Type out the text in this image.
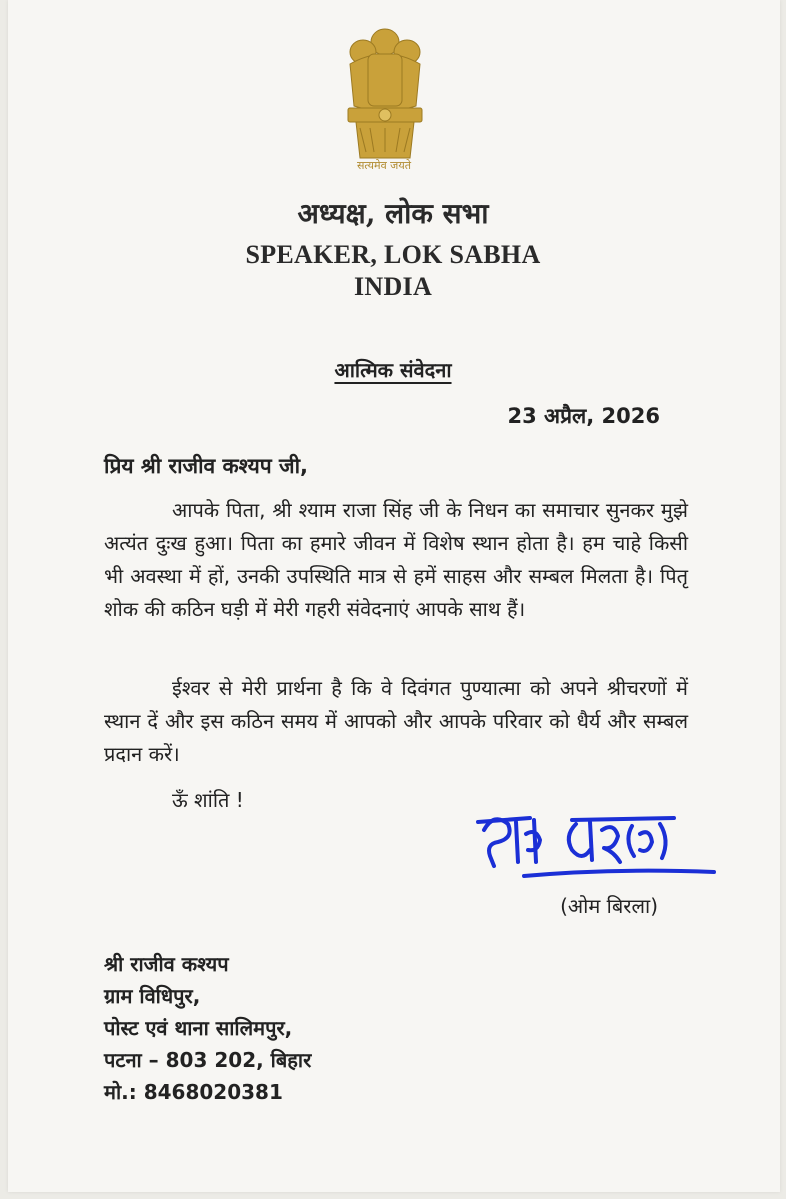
सत्यमेव जयते
अध्यक्ष, लोक सभा
SPEAKER, LOK SABHA
INDIA
आत्मिक संवेदना
23 अप्रैल, 2026
प्रिय श्री राजीव कश्यप जी,
आपके पिता, श्री श्याम राजा सिंह जी के निधन का समाचार सुनकर मुझे अत्यंत दुःख हुआ। पिता का हमारे जीवन में विशेष स्थान होता है। हम चाहे किसी भी अवस्था में हों, उनकी उपस्थिति मात्र से हमें साहस और सम्बल मिलता है। पितृ शोक की कठिन घड़ी में मेरी गहरी संवेदनाएं आपके साथ हैं।
ईश्वर से मेरी प्रार्थना है कि वे दिवंगत पुण्यात्मा को अपने श्रीचरणों में स्थान दें और इस कठिन समय में आपको और आपके परिवार को धैर्य और सम्बल प्रदान करें।
ऊँ शांति !
(ओम बिरला)
श्री राजीव कश्यप
ग्राम विधिपुर,
पोस्ट एवं थाना सालिमपुर,
पटना – 803 202, बिहार
मो.: 8468020381
